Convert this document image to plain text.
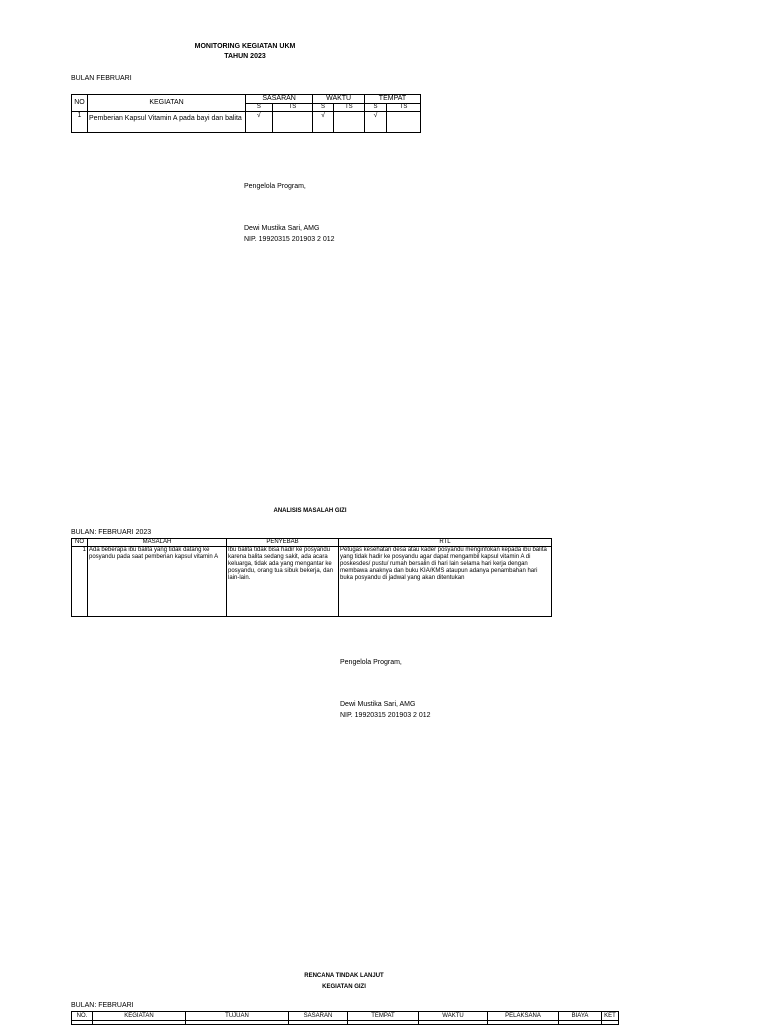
MONITORING KEGIATAN UKM
TAHUN 2023
BULAN FEBRUARI
NO	KEGIATAN	SASARAN		WAKTU		TEMPAT	
		S	TS	S	TS	S	TS
1	Pemberian Kapsul Vitamin A pada bayi dan balita	√		√		√	
Pengelola Program,
Dewi Mustika Sari, AMG
NIP. 19920315 201903 2 012
ANALISIS MASALAH GIZI
BULAN: FEBRUARI 2023
NO	MASALAH	PENYEBAB	RTL
1	Ada beberapa ibu balita yang tidak datang ke posyandu pada saat pemberian kapsul vitamin A	Ibu balita tidak bisa hadir ke posyandu karena balita sedang sakit, ada acara keluarga, tidak ada yang mengantar ke posyandu, orang tua sibuk bekerja, dan lain-lain.	Petugas kesehatan desa atau kader posyandu menginfokan kepada ibu balita yang tidak hadir ke posyandu agar dapat mengambil kapsul vitamin A di poskesdes/ pustu/ rumah bersalin di hari lain selama hari kerja dengan membawa anaknya dan buku KIA/KMS ataupun adanya penambahan hari buka posyandu di jadwal yang akan ditentukan
Pengelola Program,
Dewi Mustika Sari, AMG
NIP. 19920315 201903 2 012
RENCANA TINDAK LANJUT
KEGIATAN GIZI
BULAN: FEBRUARI
NO.	KEGIATAN	TUJUAN	SASARAN	TEMPAT	WAKTU	PELAKSANA	BIAYA	KET
